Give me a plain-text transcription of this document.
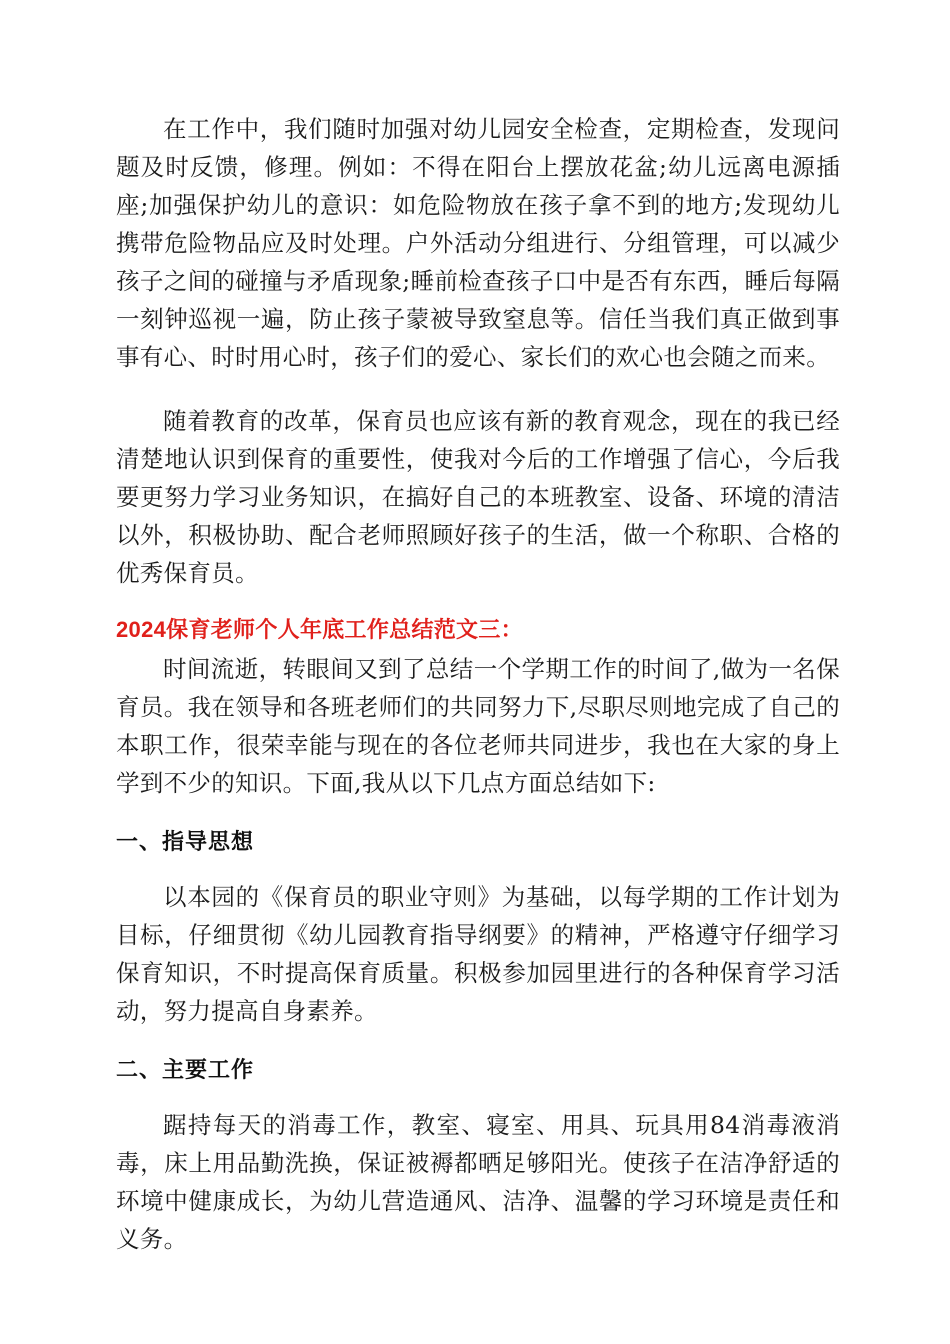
在工作中，我们随时加强对幼儿园安全检查，定期检查，发现问题及时反馈，修理。例如：不得在阳台上摆放花盆;幼儿远离电源插座;加强保护幼儿的意识：如危险物放在孩子拿不到的地方;发现幼儿携带危险物品应及时处理。户外活动分组进行、分组管理，可以减少孩子之间的碰撞与矛盾现象;睡前检查孩子口中是否有东西，睡后每隔一刻钟巡视一遍，防止孩子蒙被导致窒息等。信任当我们真正做到事事有心、时时用心时，孩子们的爱心、家长们的欢心也会随之而来。

随着教育的改革，保育员也应该有新的教育观念，现在的我已经清楚地认识到保育的重要性，使我对今后的工作增强了信心，今后我要更努力学习业务知识，在搞好自己的本班教室、设备、环境的清洁以外，积极协助、配合老师照顾好孩子的生活，做一个称职、合格的优秀保育员。

2024保育老师个人年底工作总结范文三：

时间流逝，转眼间又到了总结一个学期工作的时间了,做为一名保育员。我在领导和各班老师们的共同努力下,尽职尽则地完成了自己的本职工作，很荣幸能与现在的各位老师共同进步，我也在大家的身上学到不少的知识。下面,我从以下几点方面总结如下:

一、指导思想

以本园的《保育员的职业守则》为基础，以每学期的工作计划为目标，仔细贯彻《幼儿园教育指导纲要》的精神，严格遵守仔细学习保育知识，不时提高保育质量。积极参加园里进行的各种保育学习活动，努力提高自身素养。

二、主要工作

踞持每天的消毒工作，教室、寝室、用具、玩具用84消毒液消毒，床上用品勤洗换，保证被褥都晒足够阳光。使孩子在洁净舒适的环境中健康成长，为幼儿营造通风、洁净、温馨的学习环境是责任和义务。
